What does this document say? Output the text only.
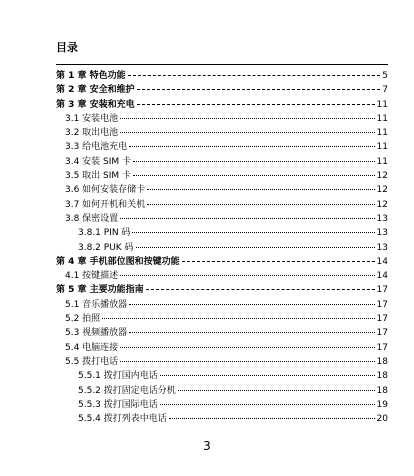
目录
第 1 章 特色功能	5
第 2 章 安全和维护	7
第 3 章 安装和充电	11
3.1 安装电池	11
3.2 取出电池	11
3.3 给电池充电	11
3.4 安装 SIM 卡	11
3.5 取出 SIM 卡	12
3.6 如何安装存储卡	12
3.7 如何开机和关机	12
3.8 保密设置	13
3.8.1 PIN 码	13
3.8.2 PUK 码	13
第 4 章 手机部位图和按键功能	14
4.1 按键描述	14
第 5 章 主要功能指南	17
5.1 音乐播放器	17
5.2 拍照	17
5.3 视频播放器	17
5.4 电脑连接	17
5.5 拨打电话	18
5.5.1 拨打国内电话	18
5.5.2 拨打固定电话分机	18
5.5.3 拨打国际电话	19
5.5.4 拨打列表中电话	20
3
